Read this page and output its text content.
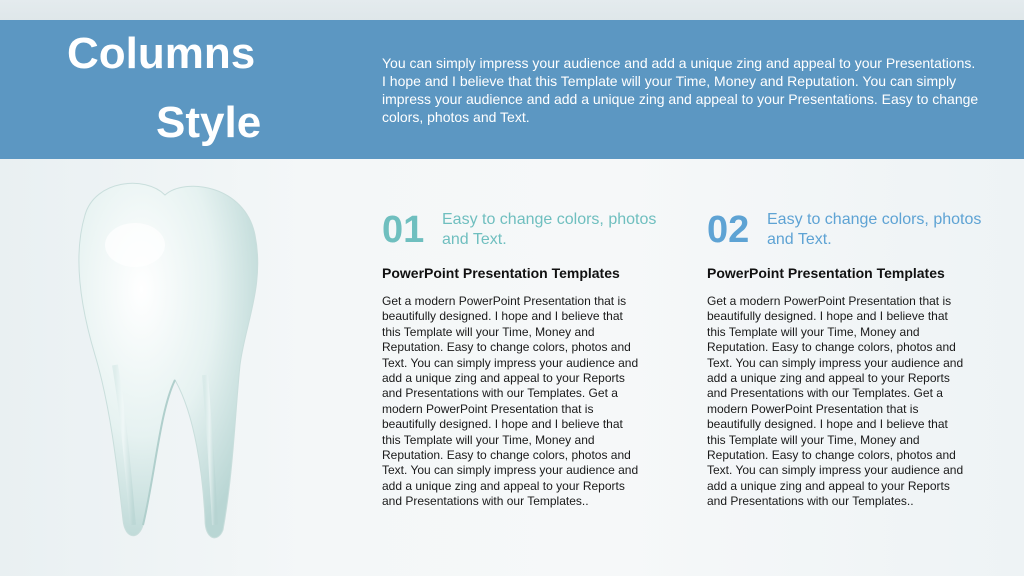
Columns
Style

You can simply impress your audience and add a unique zing and appeal to your Presentations. I hope and I believe that this Template will your Time, Money and Reputation. You can simply impress your audience and add a unique zing and appeal to your Presentations. Easy to change colors, photos and Text.

01 Easy to change colors, photos and Text.
PowerPoint Presentation Templates

Get a modern PowerPoint Presentation that is beautifully designed. I hope and I believe that this Template will your Time, Money and Reputation. Easy to change colors, photos and Text. You can simply impress your audience and add a unique zing and appeal to your Reports and Presentations with our Templates. Get a modern PowerPoint Presentation that is beautifully designed. I hope and I believe that this Template will your Time, Money and Reputation. Easy to change colors, photos and Text. You can simply impress your audience and add a unique zing and appeal to your Reports and Presentations with our Templates..

02 Easy to change colors, photos and Text.
PowerPoint Presentation Templates

Get a modern PowerPoint Presentation that is beautifully designed. I hope and I believe that this Template will your Time, Money and Reputation. Easy to change colors, photos and Text. You can simply impress your audience and add a unique zing and appeal to your Reports and Presentations with our Templates. Get a modern PowerPoint Presentation that is beautifully designed. I hope and I believe that this Template will your Time, Money and Reputation. Easy to change colors, photos and Text. You can simply impress your audience and add a unique zing and appeal to your Reports and Presentations with our Templates..
